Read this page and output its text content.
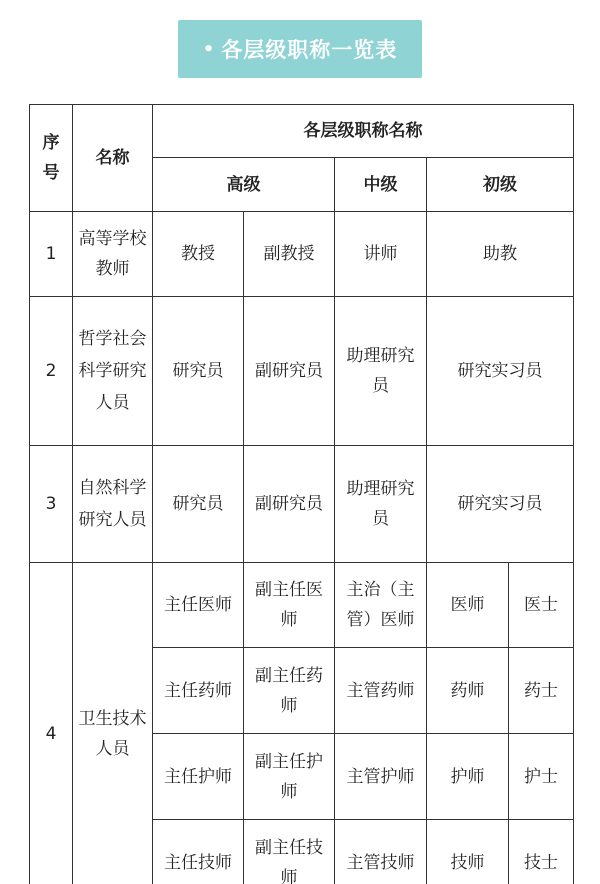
• 各层级职称一览表
序号	名称	各层级职称名称				
		高级		中级	初级	
1	高等学校教师	教授	副教授	讲师	助教	
2	哲学社会科学研究人员	研究员	副研究员	助理研究员	研究实习员	
3	自然科学研究人员	研究员	副研究员	助理研究员	研究实习员	
4	卫生技术人员	主任医师	副主任医师	主治（主管）医师	医师	医士
		主任药师	副主任药师	主管药师	药师	药士
		主任护师	副主任护师	主管护师	护师	护士
		主任技师	副主任技师	主管技师	技师	技士
